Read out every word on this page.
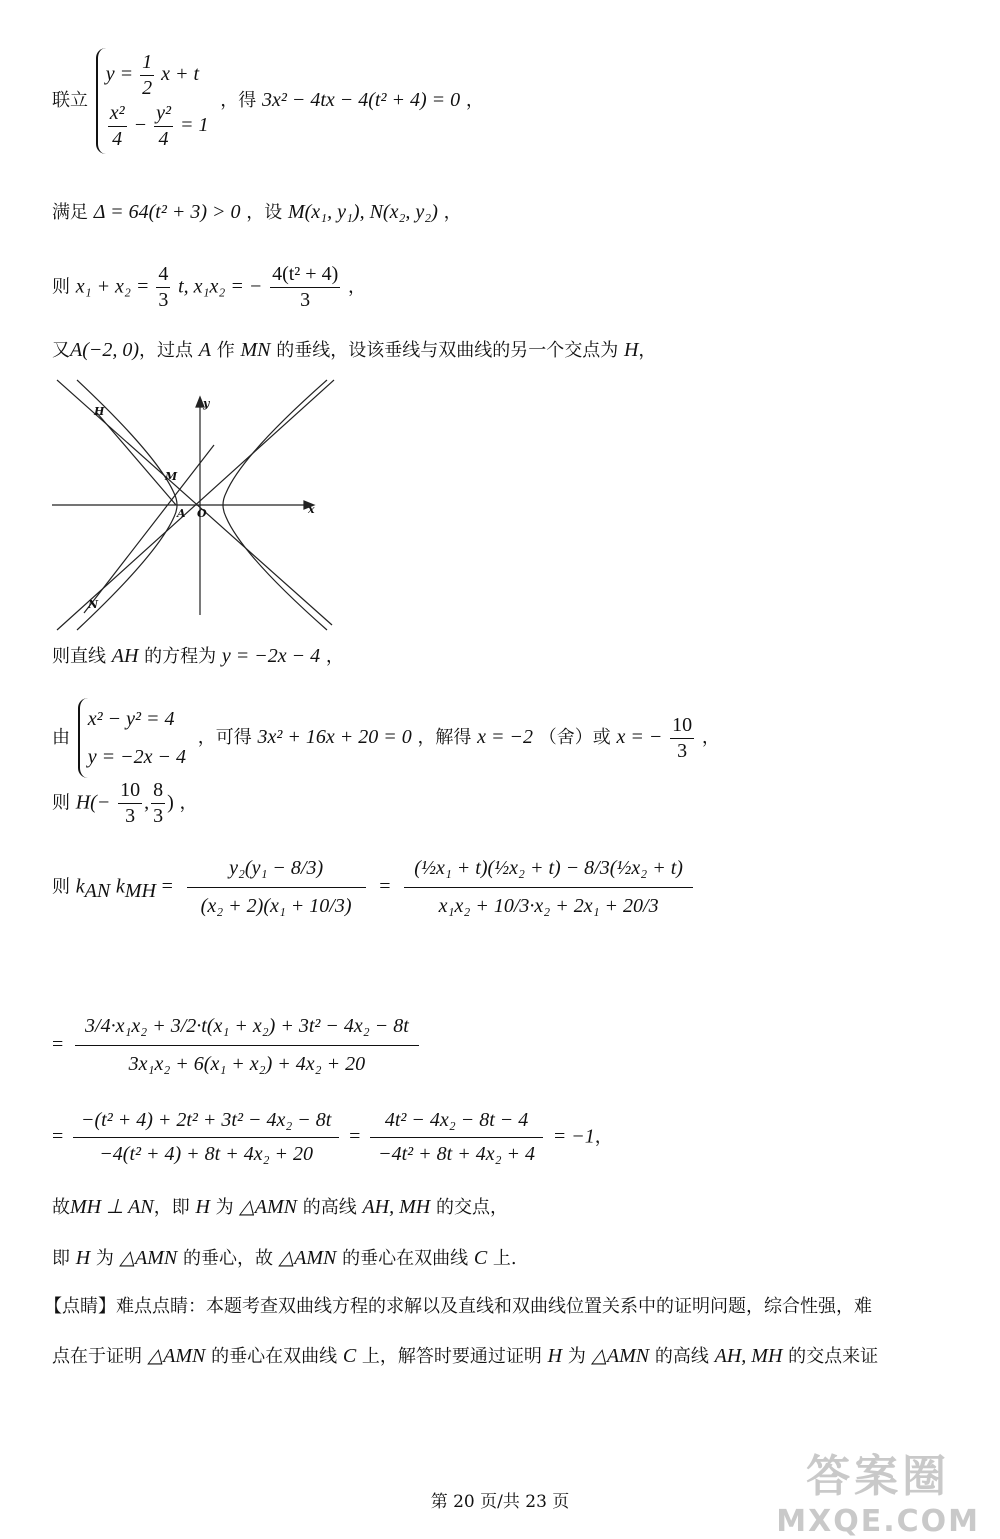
联立
$y = \frac{1}{2}$ x + t
$\frac{\text{x²}}{4} - \frac{\text{y²}}{4} = 1$
，得 3x² − 4tx − 4(t² + 4) = 0 ，
满足 Δ = 64(t² + 3) > 0 ，设 M(x₁, y₁), N(x₂, y₂) ，
则 $x_1 + x_2 = \frac{4}{3} t$, x₁x₂ = − $\frac{\text{4(t² + 4)}}{3}$ ，
又A(−2, 0)，过点 A 作 MN 的垂线，设该垂线与双曲线的另一个交点为 H，
y
x
O
A
H
M
N
则直线 AH 的方程为 y = −2x − 4 ，
由
x² − y² = 4
y = −2x − 4
，可得 3x² + 16x + 20 = 0 ，解得 x = −2 （舍）或 x = − $\frac{10}{3}$ ，
则 $H(- \frac{10}{3}$ , $\frac{8}{3}$ ) ，
则 $k_{AN}$ $k_{MH} = \frac{\text{y₂(y₁ − 8/3)}}{\text{(x₂ + 2)(x₁ + 10/3)}} = \frac{\text{(½x₁ + t)(½x₂ + t) − 8/3(½x₂ + t)}}{\text{x₁x₂ + 10/3·x₂ + 2x₁ + 20/3}}$
= $\frac{\text{3/4·x₁x₂ + 3/2·t(x₁ + x₂) + 3t² − 4x₂ − 8t}}{\text{3x₁x₂ + 6(x₁ + x₂) + 4x₂ + 20}}$
= $\frac{\text{−(t² + 4) + 2t² + 3t² − 4x₂ − 8t}}{\text{−4(t² + 4) + 8t + 4x₂ + 20}} = \frac{\text{4t² − 4x₂ − 8t − 4}}{\text{−4t² + 8t + 4x₂ + 4}} = -1$，
故MH ⊥ AN，即 H 为 △AMN 的高线 AH, MH 的交点，
即 H 为 △AMN 的垂心，故 △AMN 的垂心在双曲线 C 上.
【点睛】难点点睛：本题考查双曲线方程的求解以及直线和双曲线位置关系中的证明问题，综合性强，难
点在于证明 △AMN 的垂心在双曲线 C 上，解答时要通过证明 H 为 △AMN 的高线 AH, MH 的交点来证
答案圈
MXQE.COM
第 20 页/共 23 页
